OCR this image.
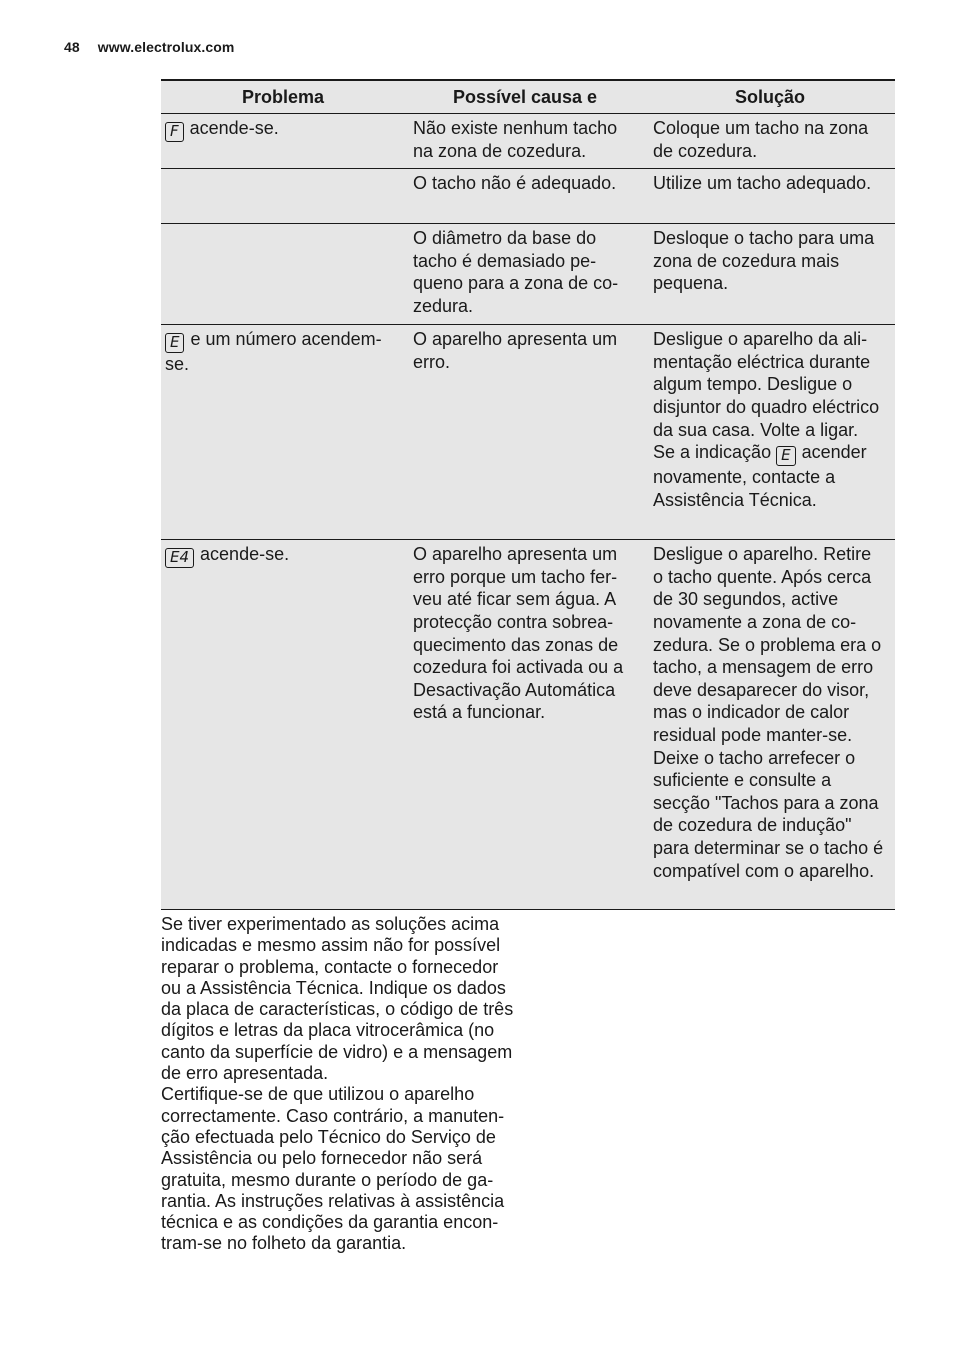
48 www.electrolux.com
Problema	Possível causa e	Solução
F acende-se.	Não existe nenhum tacho na zona de cozedura.	Coloque um tacho na zona de cozedura.
	O tacho não é adequado.	Utilize um tacho adequado.
	O diâmetro da base do tacho é demasiado pequeno para a zona de cozedura.	Desloque o tacho para uma zona de cozedura mais pequena.
E e um número acendem-se.	O aparelho apresenta um erro.	Desligue o aparelho da alimentação eléctrica durante algum tempo. Desligue o disjuntor do quadro eléctrico da sua casa. Volte a ligar. Se a indicação E acender novamente, contacte a Assistência Técnica.
E4 acende-se.	O aparelho apresenta um erro porque um tacho ferveu até ficar sem água. A protecção contra sobreaquecimento das zonas de cozedura foi activada ou a Desactivação Automática está a funcionar.	Desligue o aparelho. Retire o tacho quente. Após cerca de 30 segundos, active novamente a zona de cozedura. Se o problema era o tacho, a mensagem de erro deve desaparecer do visor, mas o indicador de calor residual pode manter-se. Deixe o tacho arrefecer o suficiente e consulte a secção "Tachos para a zona de cozedura de indução" para determinar se o tacho é compatível com o aparelho.

Se tiver experimentado as soluções acima indicadas e mesmo assim não for possível reparar o problema, contacte o fornecedor ou a Assistência Técnica. Indique os dados da placa de características, o código de três dígitos e letras da placa vitrocerâmica (no canto da superfície de vidro) e a mensagem de erro apresentada.

Certifique-se de que utilizou o aparelho correctamente. Caso contrário, a manutenção efectuada pelo Técnico do Serviço de Assistência ou pelo fornecedor não será gratuita, mesmo durante o período de garantia. As instruções relativas à assistência técnica e as condições da garantia encontram-se no folheto da garantia.
